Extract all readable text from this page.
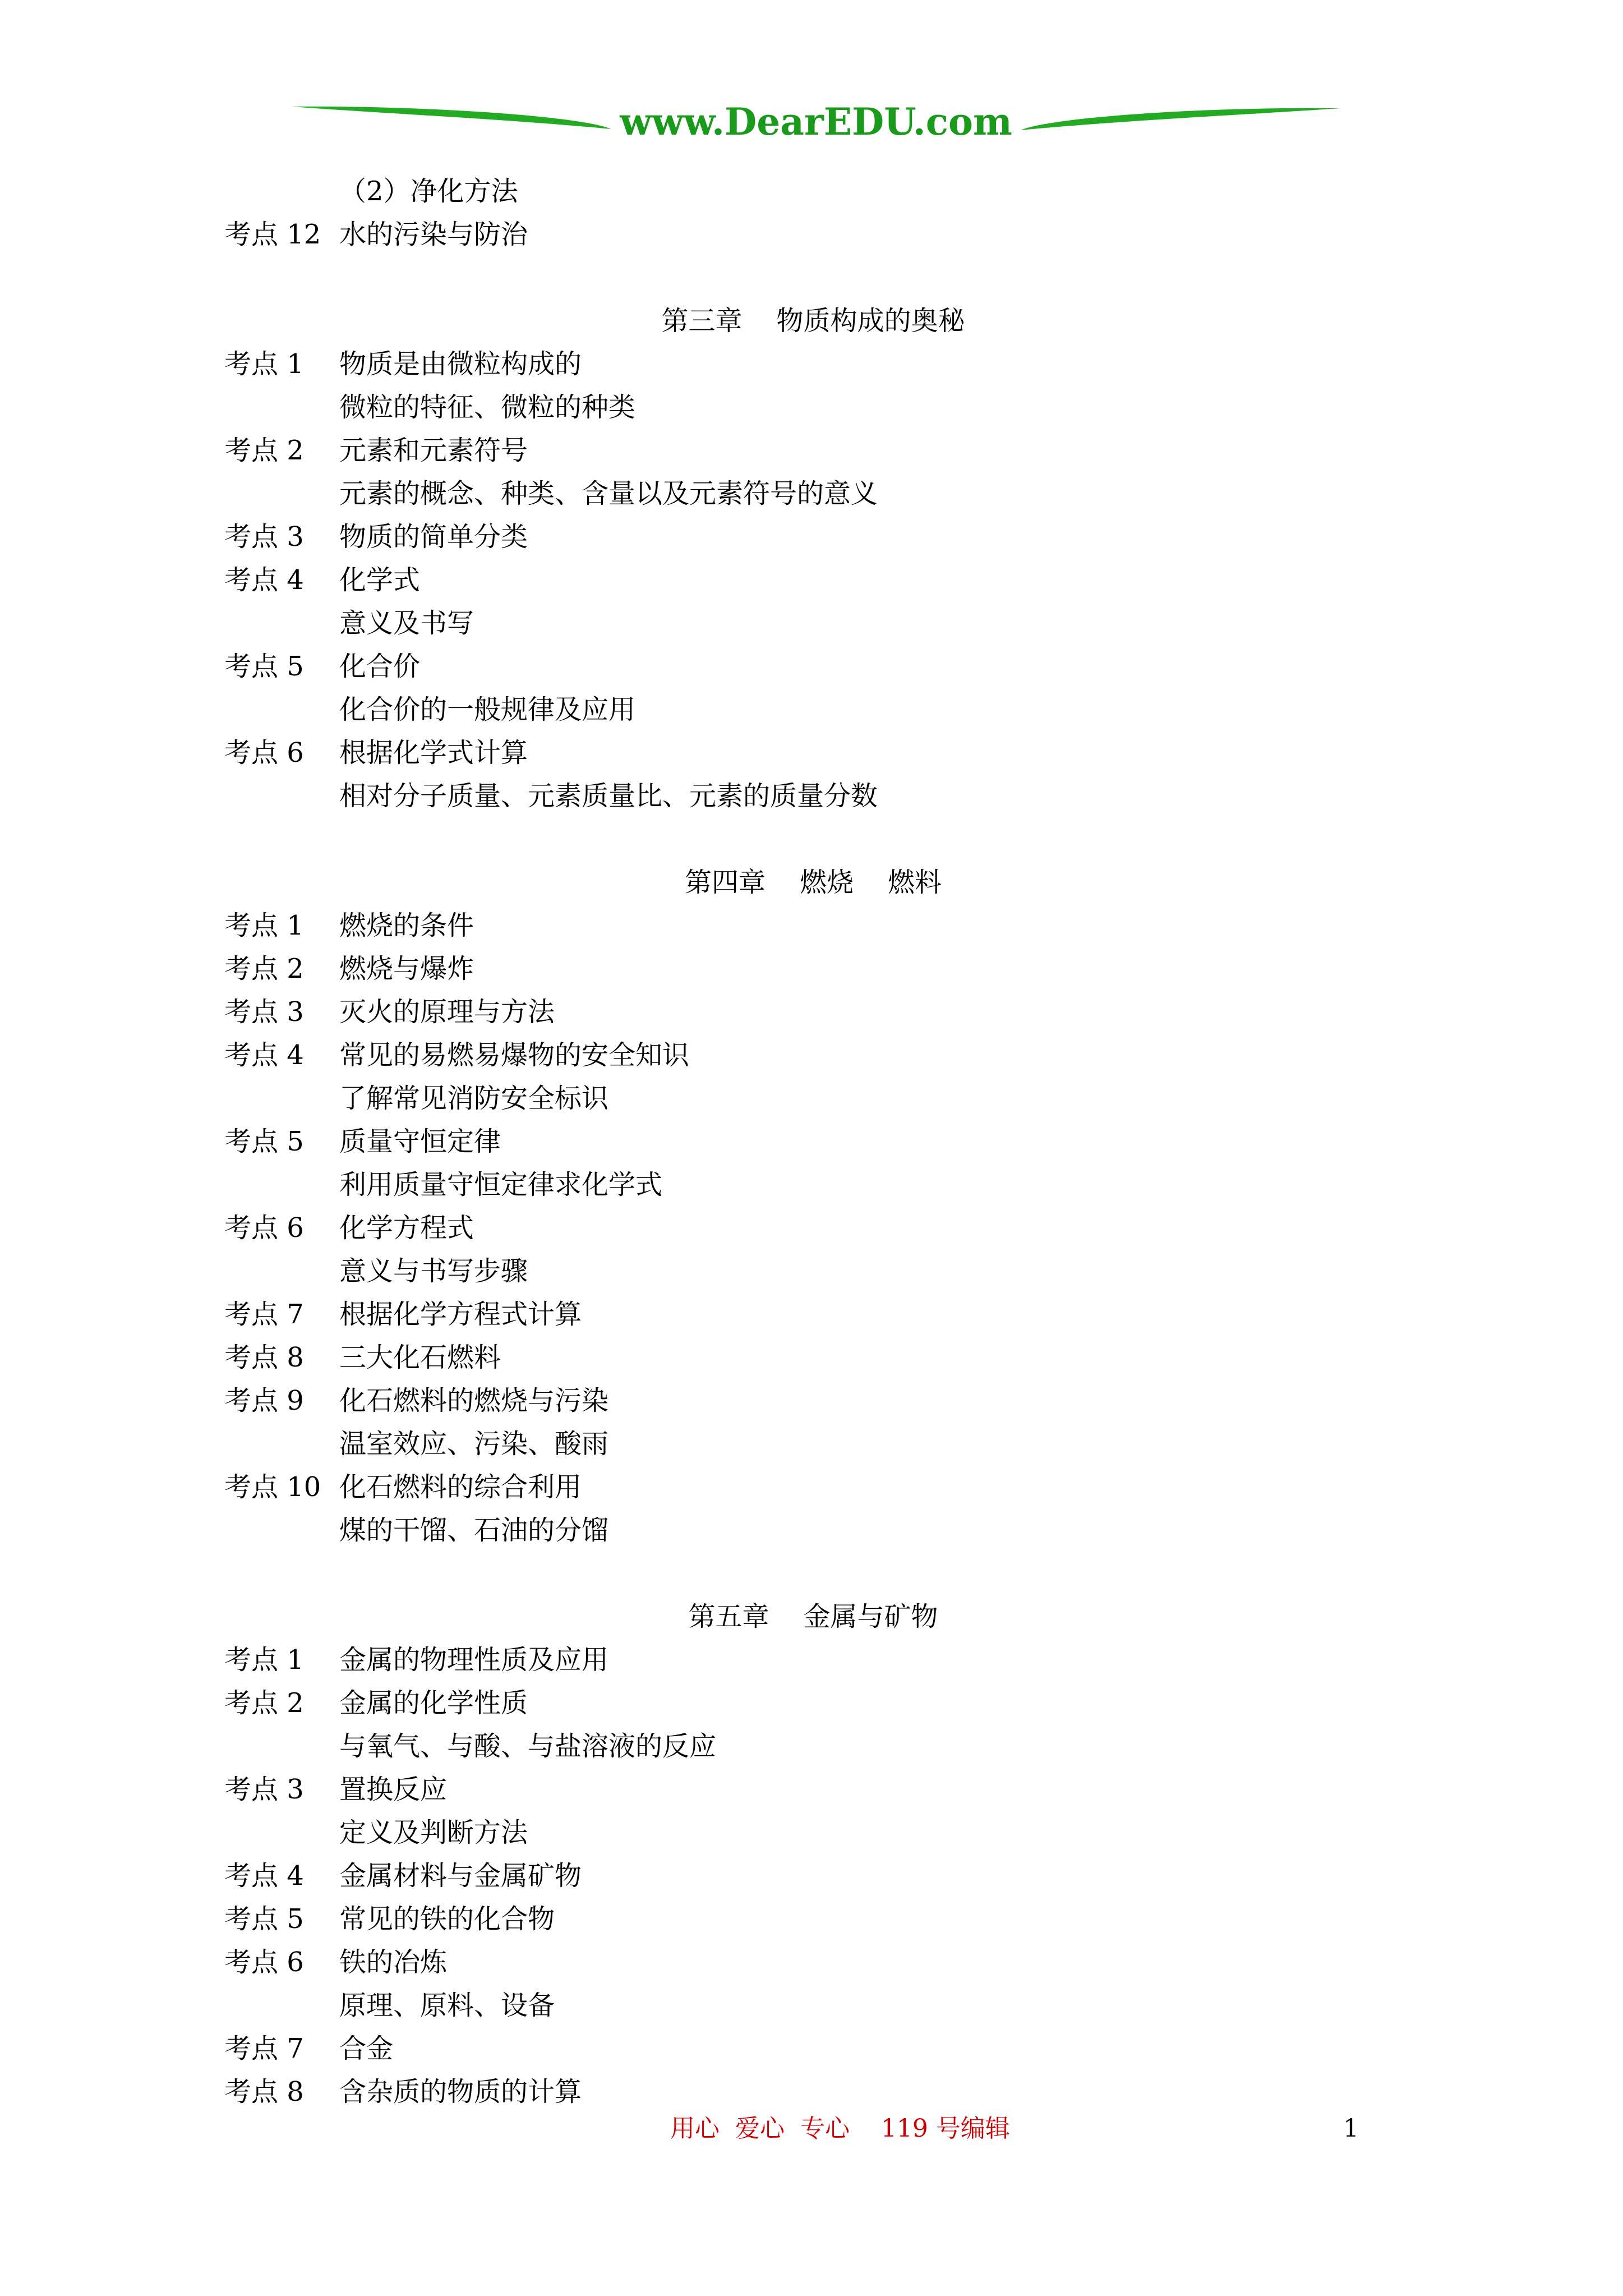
www.DearEDU.com
（2）净化方法
考点 12 水的污染与防治
第三章    物质构成的奥秘
考点 1	物质是由微粒构成的
微粒的特征、微粒的种类
考点 2	元素和元素符号
元素的概念、种类、含量以及元素符号的意义
考点 3	物质的简单分类
考点 4	化学式
意义及书写
考点 5	化合价
化合价的一般规律及应用
考点 6	根据化学式计算
相对分子质量、元素质量比、元素的质量分数
第四章    燃烧    燃料
考点 1	燃烧的条件
考点 2	燃烧与爆炸
考点 3	灭火的原理与方法
考点 4	常见的易燃易爆物的安全知识
了解常见消防安全标识
考点 5	质量守恒定律
利用质量守恒定律求化学式
考点 6	化学方程式
意义与书写步骤
考点 7	根据化学方程式计算
考点 8	三大化石燃料
考点 9	化石燃料的燃烧与污染
温室效应、污染、酸雨
考点 10 化石燃料的综合利用
煤的干馏、石油的分馏
第五章    金属与矿物
考点 1	金属的物理性质及应用
考点 2	金属的化学性质
与氧气、与酸、与盐溶液的反应
考点 3	置换反应
定义及判断方法
考点 4	金属材料与金属矿物
考点 5	常见的铁的化合物
考点 6	铁的冶炼
原理、原料、设备
考点 7	合金
考点 8	含杂质的物质的计算
用心  爱心  专心    119 号编辑	1
